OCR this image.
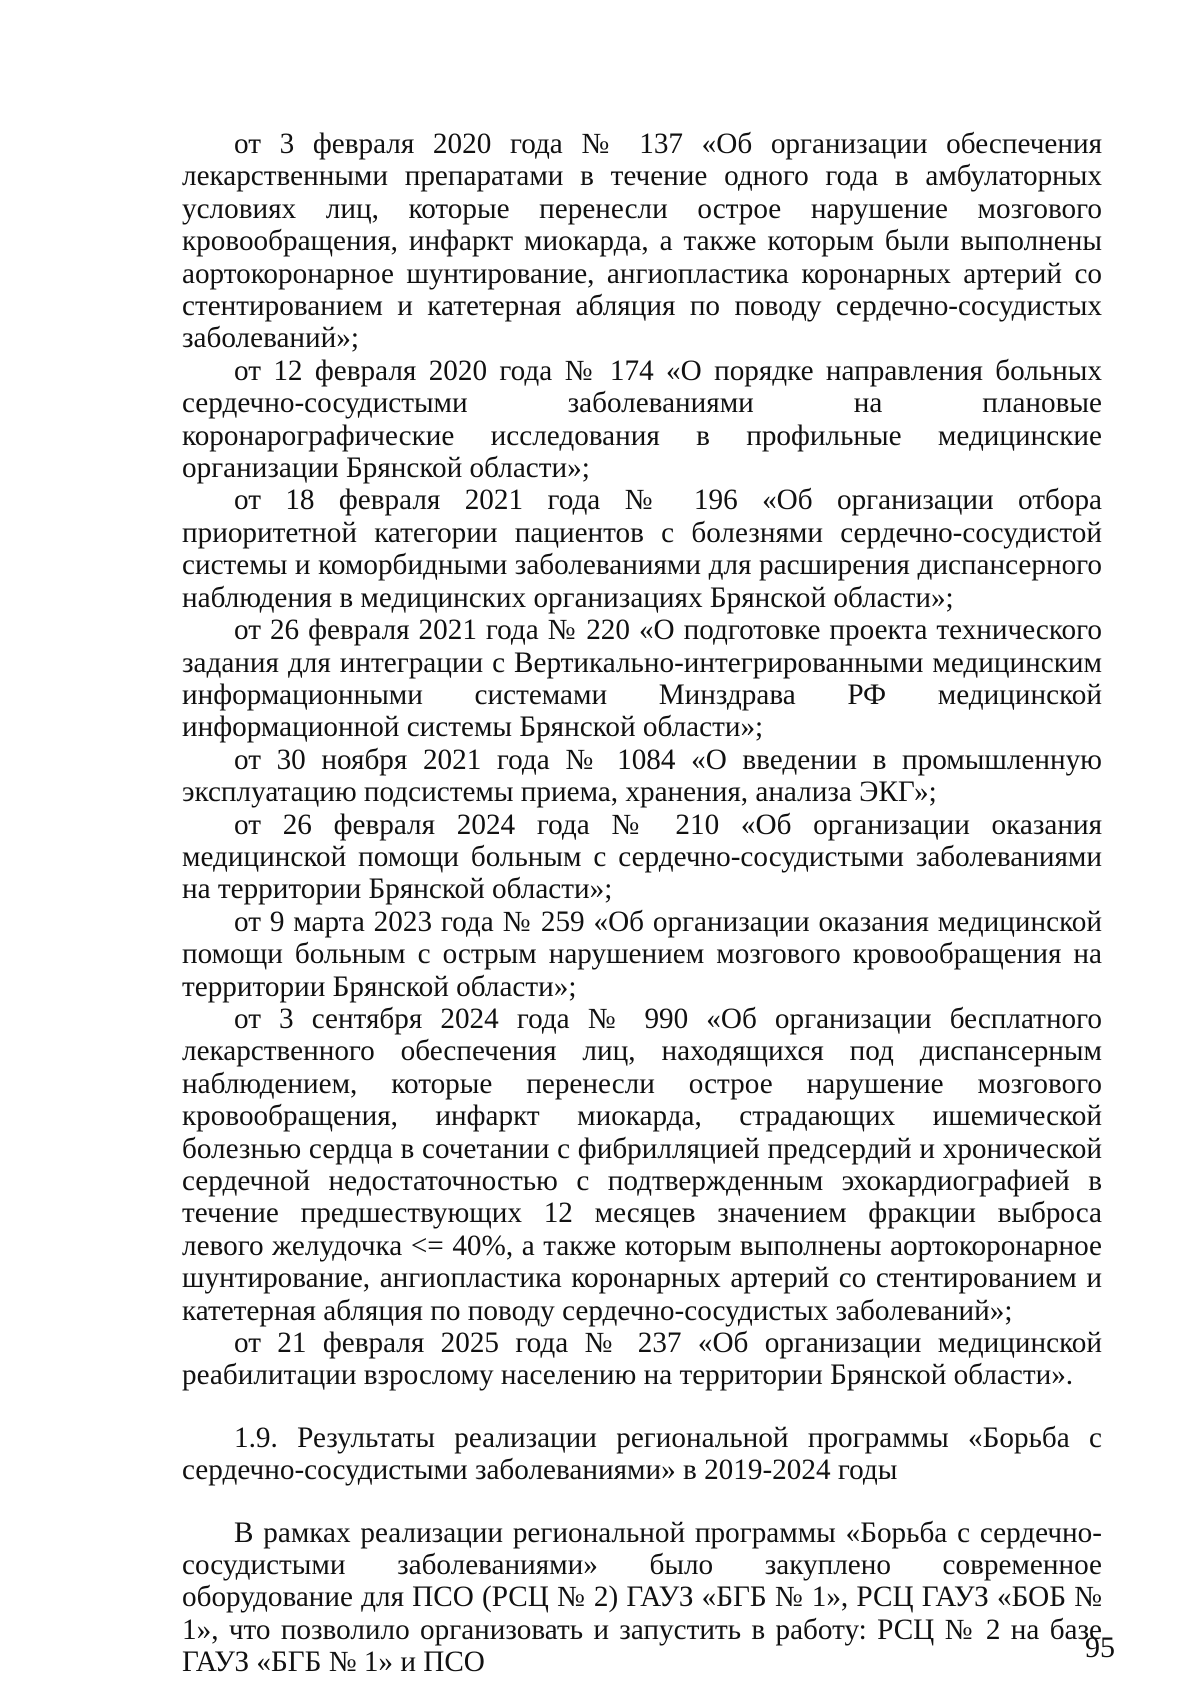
от 3 февраля 2020 года № 137 «Об организации обеспечения лекарственными препаратами в течение одного года в амбулаторных условиях лиц, которые перенесли острое нарушение мозгового кровообращения, инфаркт миокарда, а также которым были выполнены аортокоронарное шунтирование, ангиопластика коронарных артерий со стентированием и катетерная абляция по поводу сердечно-сосудистых заболеваний»;

от 12 февраля 2020 года № 174 «О порядке направления больных сердечно-сосудистыми заболеваниями на плановые коронарографические исследования в профильные медицинские организации Брянской области»;

от 18 февраля 2021 года № 196 «Об организации отбора приоритетной категории пациентов с болезнями сердечно-сосудистой системы и коморбидными заболеваниями для расширения диспансерного наблюдения в медицинских организациях Брянской области»;

от 26 февраля 2021 года № 220 «О подготовке проекта технического задания для интеграции с Вертикально-интегрированными медицинским информационными системами Минздрава РФ медицинской информационной системы Брянской области»;

от 30 ноября 2021 года № 1084 «О введении в промышленную эксплуатацию подсистемы приема, хранения, анализа ЭКГ»;

от 26 февраля 2024 года № 210 «Об организации оказания медицинской помощи больным с сердечно-сосудистыми заболеваниями на территории Брянской области»;

от 9 марта 2023 года № 259 «Об организации оказания медицинской помощи больным с острым нарушением мозгового кровообращения на территории Брянской области»;

от 3 сентября 2024 года № 990 «Об организации бесплатного лекарственного обеспечения лиц, находящихся под диспансерным наблюдением, которые перенесли острое нарушение мозгового кровообращения, инфаркт миокарда, страдающих ишемической болезнью сердца в сочетании с фибрилляцией предсердий и хронической сердечной недостаточностью с подтвержденным эхокардиографией в течение предшествующих 12 месяцев значением фракции выброса левого желудочка <= 40%, а также которым выполнены аортокоронарное шунтирование, ангиопластика коронарных артерий со стентированием и катетерная абляция по поводу сердечно-сосудистых заболеваний»;

от 21 февраля 2025 года № 237 «Об организации медицинской реабилитации взрослому населению на территории Брянской области».

1.9. Результаты реализации региональной программы «Борьба с сердечно-сосудистыми заболеваниями» в 2019-2024 годы

В рамках реализации региональной программы «Борьба с сердечно-сосудистыми заболеваниями» было закуплено современное оборудование для ПСО (РСЦ № 2) ГАУЗ «БГБ № 1», РСЦ ГАУЗ «БОБ № 1», что позволило организовать и запустить в работу: РСЦ № 2 на базе ГАУЗ «БГБ № 1» и ПСО	95
